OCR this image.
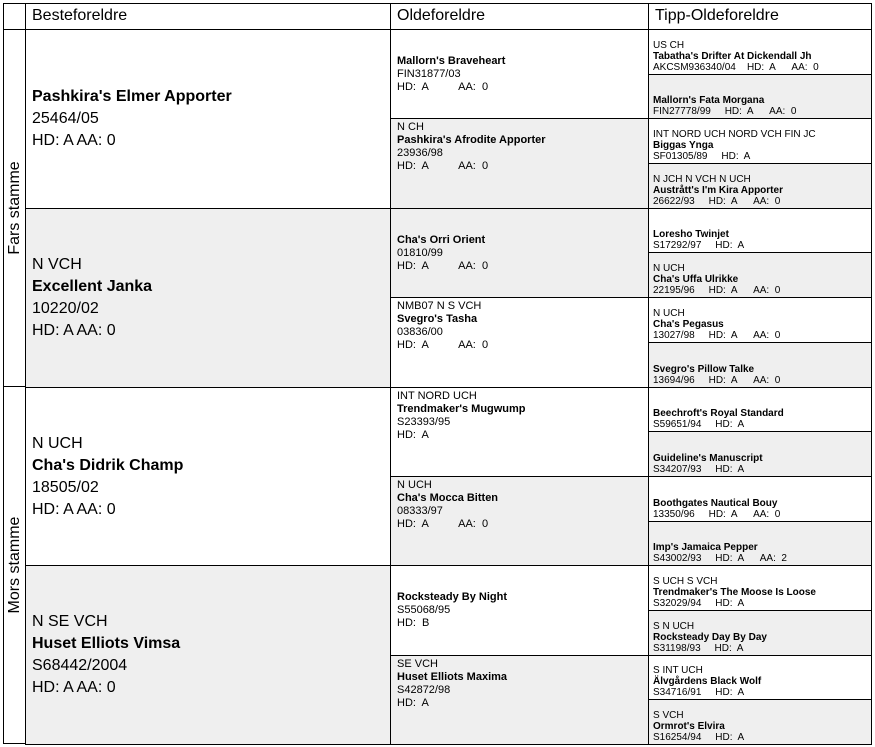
Besteforeldre	Oldeforeldre	Tipp-Oldeforeldre
Fars stamme
Mors stamme
Pashkira's Elmer Apporter
25464/05
HD: A AA: 0
N VCH
Excellent Janka
10220/02
HD: A AA: 0
N UCH
Cha's Didrik Champ
18505/02
HD: A AA: 0
N SE VCH
Huset Elliots Vimsa
S68442/2004
HD: A AA: 0
Mallorn's Braveheart
FIN31877/03
HD:  A          AA:  0
N CH
Pashkira's Afrodite Apporter
23936/98
HD:  A          AA:  0
Cha's Orri Orient
01810/99
HD:  A          AA:  0
NMB07 N S VCH
Svegro's Tasha
03836/00
HD:  A          AA:  0
INT NORD UCH
Trendmaker's Mugwump
S23393/95
HD:  A
N UCH
Cha's Mocca Bitten
08333/97
HD:  A          AA:  0
Rocksteady By Night
S55068/95
HD:  B
SE VCH
Huset Elliots Maxima
S42872/98
HD:  A
US CH
Tabatha's Drifter At Dickendall Jh
AKCSM936340/04    HD:  A      AA:  0
Mallorn's Fata Morgana
FIN27778/99     HD:  A      AA:  0
INT NORD UCH NORD VCH FIN JC
Biggas Ynga
SF01305/89     HD:  A
N JCH N VCH N UCH
Austrått's I'm Kira Apporter
26622/93     HD:  A      AA:  0
Loresho Twinjet
S17292/97     HD:  A
N UCH
Cha's Uffa Ulrikke
22195/96     HD:  A      AA:  0
N UCH
Cha's Pegasus
13027/98     HD:  A      AA:  0
Svegro's Pillow Talke
13694/96     HD:  A      AA:  0
Beechroft's Royal Standard
S59651/94     HD:  A
Guideline's Manuscript
S34207/93     HD:  A
Boothgates Nautical Bouy
13350/96     HD:  A      AA:  0
Imp's Jamaica Pepper
S43002/93     HD:  A      AA:  2
S UCH S VCH
Trendmaker's The Moose Is Loose
S32029/94     HD:  A
S N UCH
Rocksteady Day By Day
S31198/93     HD:  A
S INT UCH
Älvgårdens Black Wolf
S34716/91     HD:  A
S VCH
Ormrot's Elvira
S16254/94     HD:  A
